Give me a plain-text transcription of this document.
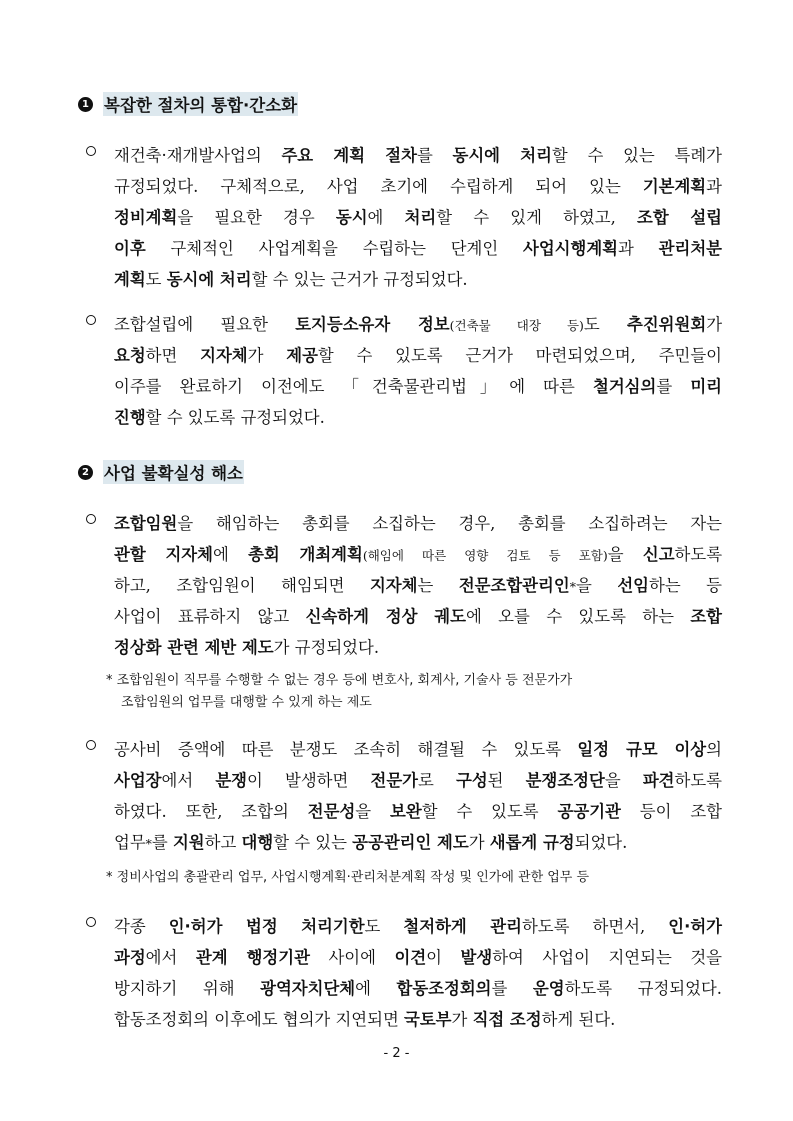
1 복잡한 절차의 통합·간소화
재건축·재개발사업의 주요 계획 절차를 동시에 처리할 수 있는 특례가
규정되었다. 구체적으로, 사업 초기에 수립하게 되어 있는 기본계획과
정비계획을 필요한 경우 동시에 처리할 수 있게 하였고, 조합 설립
이후 구체적인 사업계획을 수립하는 단계인 사업시행계획과 관리처분
계획도 동시에 처리할 수 있는 근거가 규정되었다.
조합설립에 필요한 토지등소유자 정보(건축물 대장 등)도 추진위원회가
요청하면 지자체가 제공할 수 있도록 근거가 마련되었으며, 주민들이
이주를 완료하기 이전에도 「건축물관리법」에 따른 철거심의를 미리
진행할 수 있도록 규정되었다.
2 사업 불확실성 해소
조합임원을 해임하는 총회를 소집하는 경우, 총회를 소집하려는 자는
관할 지자체에 총회 개최계획(해임에 따른 영향 검토 등 포함)을 신고하도록
하고, 조합임원이 해임되면 지자체는 전문조합관리인*을 선임하는 등
사업이 표류하지 않고 신속하게 정상 궤도에 오를 수 있도록 하는 조합
정상화 관련 제반 제도가 규정되었다.
* 조합임원이 직무를 수행할 수 없는 경우 등에 변호사, 회계사, 기술사 등 전문가가
조합임원의 업무를 대행할 수 있게 하는 제도
공사비 증액에 따른 분쟁도 조속히 해결될 수 있도록 일정 규모 이상의
사업장에서 분쟁이 발생하면 전문가로 구성된 분쟁조정단을 파견하도록
하였다. 또한, 조합의 전문성을 보완할 수 있도록 공공기관 등이 조합
업무*를 지원하고 대행할 수 있는 공공관리인 제도가 새롭게 규정되었다.
* 정비사업의 총괄관리 업무, 사업시행계획·관리처분계획 작성 및 인가에 관한 업무 등
각종 인·허가 법정 처리기한도 철저하게 관리하도록 하면서, 인·허가
과정에서 관계 행정기관 사이에 이견이 발생하여 사업이 지연되는 것을
방지하기 위해 광역자치단체에 합동조정회의를 운영하도록 규정되었다.
합동조정회의 이후에도 협의가 지연되면 국토부가 직접 조정하게 된다.
- 2 -
